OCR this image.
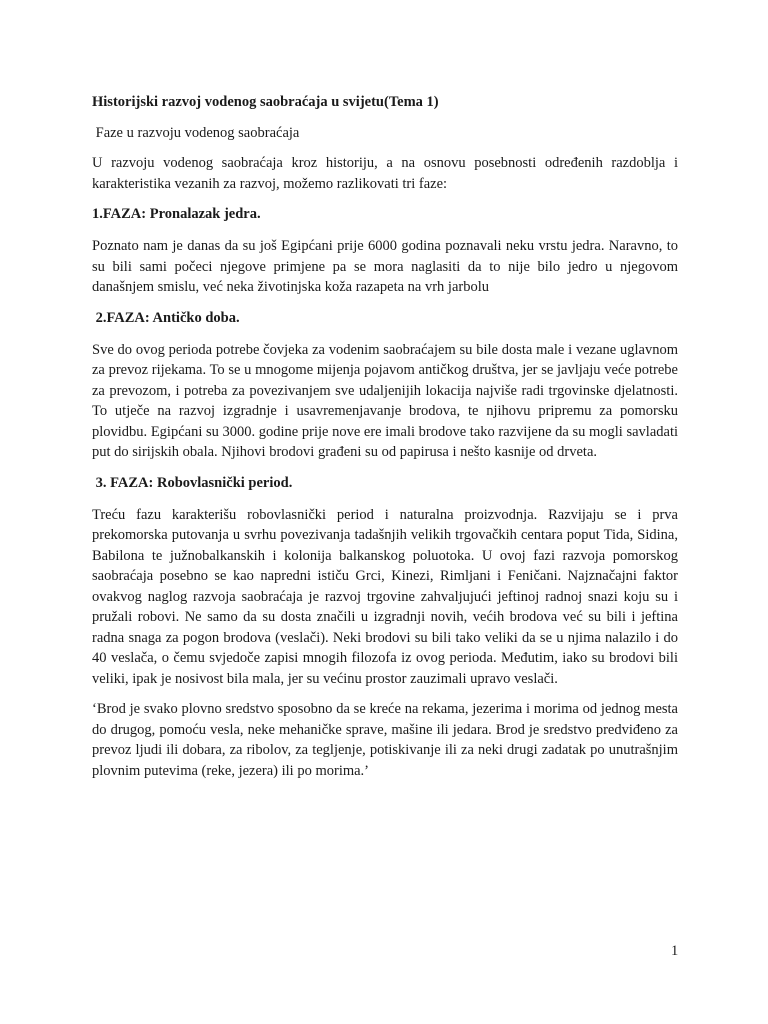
Historijski razvoj vodenog saobraćaja u svijetu(Tema 1)

Faze u razvoju vodenog saobraćaja

U razvoju vodenog saobraćaja kroz historiju, a na osnovu posebnosti određenih razdoblja i karakteristika vezanih za razvoj, možemo razlikovati tri faze:

1.FAZA: Pronalazak jedra.

Poznato nam je danas da su još Egipćani prije 6000 godina poznavali neku vrstu jedra. Naravno, to su bili sami počeci njegove primjene pa se mora naglasiti da to nije bilo jedro u njegovom današnjem smislu, već neka životinjska koža razapeta na vrh jarbolu

2.FAZA: Antičko doba.

Sve do ovog perioda potrebe čovjeka za vodenim saobraćajem su bile dosta male i vezane uglavnom za prevoz rijekama. To se u mnogome mijenja pojavom antičkog društva, jer se javljaju veće potrebe za prevozom, i potreba za povezivanjem sve udaljenijih lokacija najviše radi trgovinske djelatnosti. To utječe na razvoj izgradnje i usavremenjavanje brodova, te njihovu pripremu za pomorsku plovidbu. Egipćani su 3000. godine prije nove ere imali brodove tako razvijene da su mogli savladati put do sirijskih obala. Njihovi brodovi građeni su od papirusa i nešto kasnije od drveta.

3. FAZA: Robovlasnički period.

Treću fazu karakterišu robovlasnički period i naturalna proizvodnja. Razvijaju se i prva prekomorska putovanja u svrhu povezivanja tadašnjih velikih trgovačkih centara poput Tida, Sidina, Babilona te južnobalkanskih i kolonija balkanskog poluotoka. U ovoj fazi razvoja pomorskog saobraćaja posebno se kao napredni ističu Grci, Kinezi, Rimljani i Feničani. Najznačajni faktor ovakvog naglog razvoja saobraćaja je razvoj trgovine zahvaljujući jeftinoj radnoj snazi koju su i pružali robovi. Ne samo da su dosta značili u izgradnji novih, većih brodova već su bili i jeftina radna snaga za pogon brodova (veslači). Neki brodovi su bili tako veliki da se u njima nalazilo i do 40 veslača, o čemu svjedoče zapisi mnogih filozofa iz ovog perioda. Međutim, iako su brodovi bili veliki, ipak je nosivost bila mala, jer su većinu prostor zauzimali upravo veslači.

‘Brod je svako plovno sredstvo sposobno da se kreće na rekama, jezerima i morima od jednog mesta do drugog, pomoću vesla, neke mehaničke sprave, mašine ili jedara. Brod je sredstvo predviđeno za prevoz ljudi ili dobara, za ribolov, za tegljenje, potiskivanje ili za neki drugi zadatak po unutrašnjim plovnim putevima (reke, jezera) ili po morima.’

1
